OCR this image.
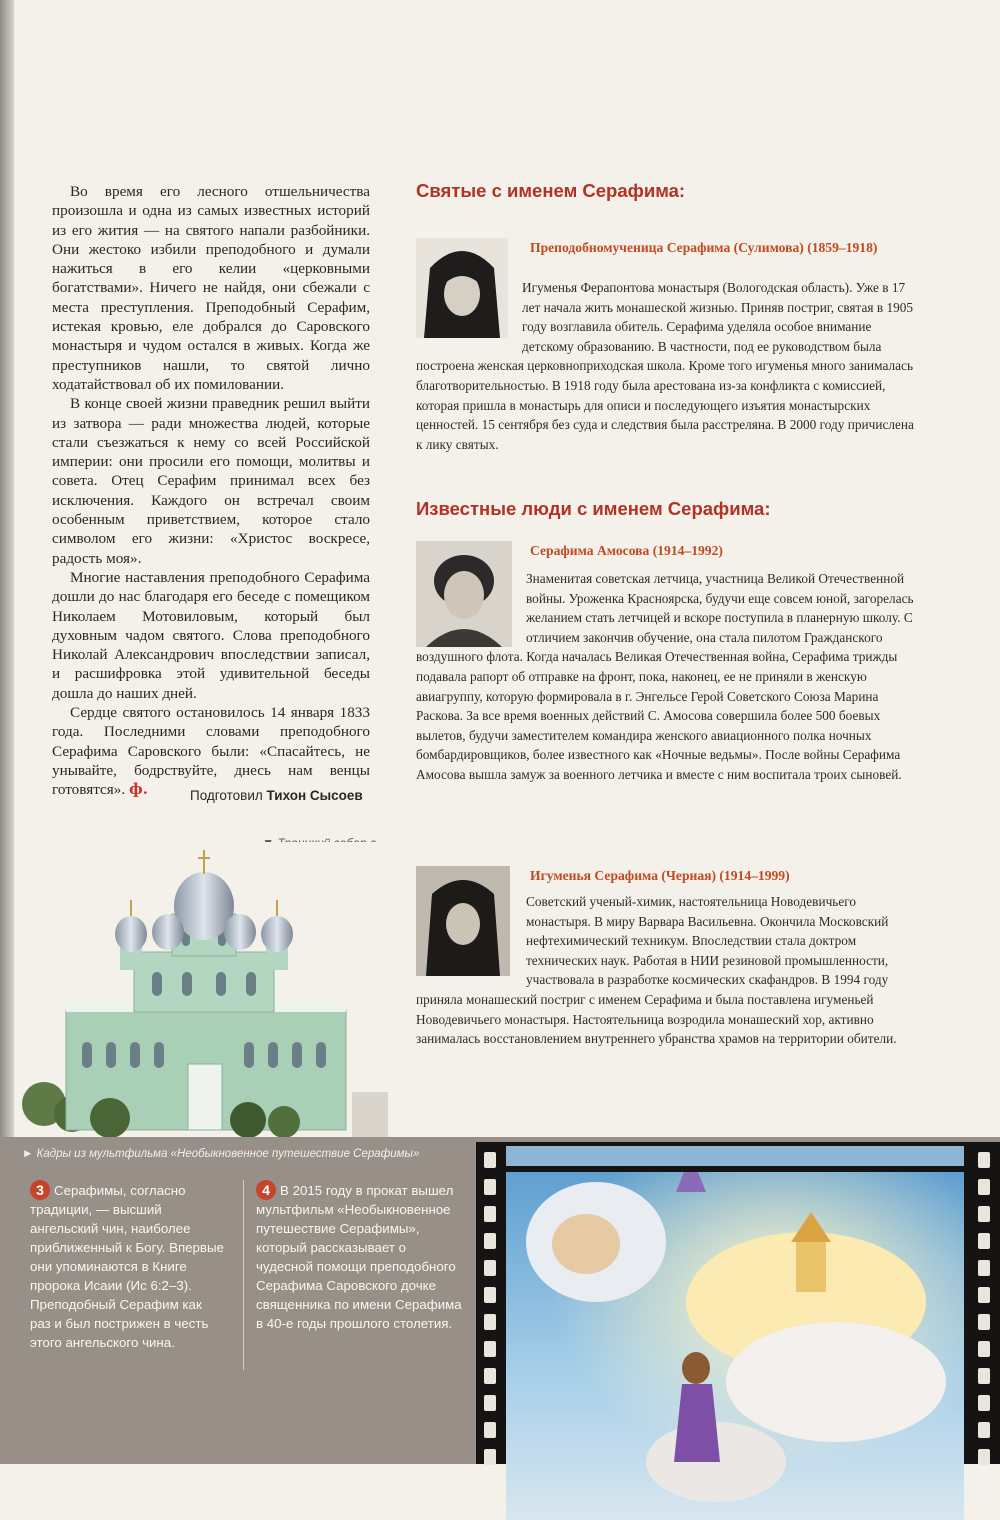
Во время его лесного отшельничества произошла и одна из самых известных историй из его жития — на святого напали разбойники. Они жестоко избили преподобного и думали нажиться в его келии «церковными богатствами». Ничего не найдя, они сбежали с места преступления. Преподобный Серафим, истекая кровью, еле добрался до Саровского монастыря и чудом остался в живых. Когда же преступников нашли, то святой лично ходатайствовал об их помиловании.

В конце своей жизни праведник решил выйти из затвора — ради множества людей, которые стали съезжаться к нему со всей Российской империи: они просили его помощи, молитвы и совета. Отец Серафим принимал всех без исключения. Каждого он встречал своим особенным приветствием, которое стало символом его жизни: «Христос воскресе, радость моя».

Многие наставления преподобного Серафима дошли до нас благодаря его беседе с помещиком Николаем Мотовиловым, который был духовным чадом святого. Слова преподобного Николай Александрович впоследствии записал, и расшифровка этой удивительной беседы дошла до наших дней.

Сердце святого остановилось 14 января 1833 года. Последними словами преподобного Серафима Саровского были: «Спасайтесь, не унывайте, бодрствуйте, днесь нам венцы готовятся». ф.	Подготовил Тихон Сысоев
Святые с именем Серафима:
Преподобномученица Серафима (Сулимова) (1859–1918)
Игуменья Ферапонтова монастыря (Вологодская область). Уже в 17 лет начала жить монашеской жизнью. Приняв постриг, святая в 1905 году возглавила обитель. Серафима уделяла особое внимание детскому образованию. В частности, под ее руководством была построена женская церковноприходская школа. Кроме того игуменья много занималась благотворительностью. В 1918 году была арестована из-за конфликта с комиссией, которая пришла в монастырь для описи и последующего изъятия монастырских ценностей. 15 сентября без суда и следствия была расстреляна. В 2000 году причислена к лику святых.
Известные люди с именем Серафима:
Серафима Амосова (1914–1992)
Знаменитая советская летчица, участница Великой Отечественной войны. Уроженка Красноярска, будучи еще совсем юной, загорелась желанием стать летчицей и вскоре поступила в планерную школу. С отличием закончив обучение, она стала пилотом Гражданского воздушного флота. Когда началась Великая Отечественная война, Серафима трижды подавала рапорт об отправке на фронт, пока, наконец, ее не приняли в женскую авиагруппу, которую формировала в г. Энгельсе Герой Советского Союза Марина Раскова. За все время военных действий С. Амосова совершила более 500 боевых вылетов, будучи заместителем командира женского авиационного полка ночных бомбардировщиков, более известного как «Ночные ведьмы». После войны Серафима Амосова вышла замуж за военного летчика и вместе с ним воспитала троих сыновей.
Игуменья Серафима (Черная) (1914–1999)
Советский ученый-химик, настоятельница Новодевичьего монастыря. В миру Варвара Васильевна. Окончила Московский нефтехимический техникум. Впоследствии стала доктром технических наук. Работая в НИИ резиновой промышленности, участвовала в разработке космических скафандров. В 1994 году приняла монашеский постриг с именем Серафима и была поставлена игуменьей Новодевичьего монастыря. Настоятельница возродила монашеский хор, активно занималась восстановлением внутреннего убранства храмов на территории обители.
► Кадры из мультфильма «Необыкновенное путешествие Серафимы»
3 Серафимы, согласно традиции, — высший ангельский чин, наиболее приближенный к Богу. Впервые они упоминаются в Книге пророка Исаии (Ис 6:2–3). Преподобный Серафим как раз и был пострижен в честь этого ангельского чина.
4 В 2015 году в прокат вышел мультфильм «Необыкновенное путешествие Серафимы», который рассказывает о чудесной помощи преподобного Серафима Саровского дочке священника по имени Серафима в 40-е годы прошлого столетия.
